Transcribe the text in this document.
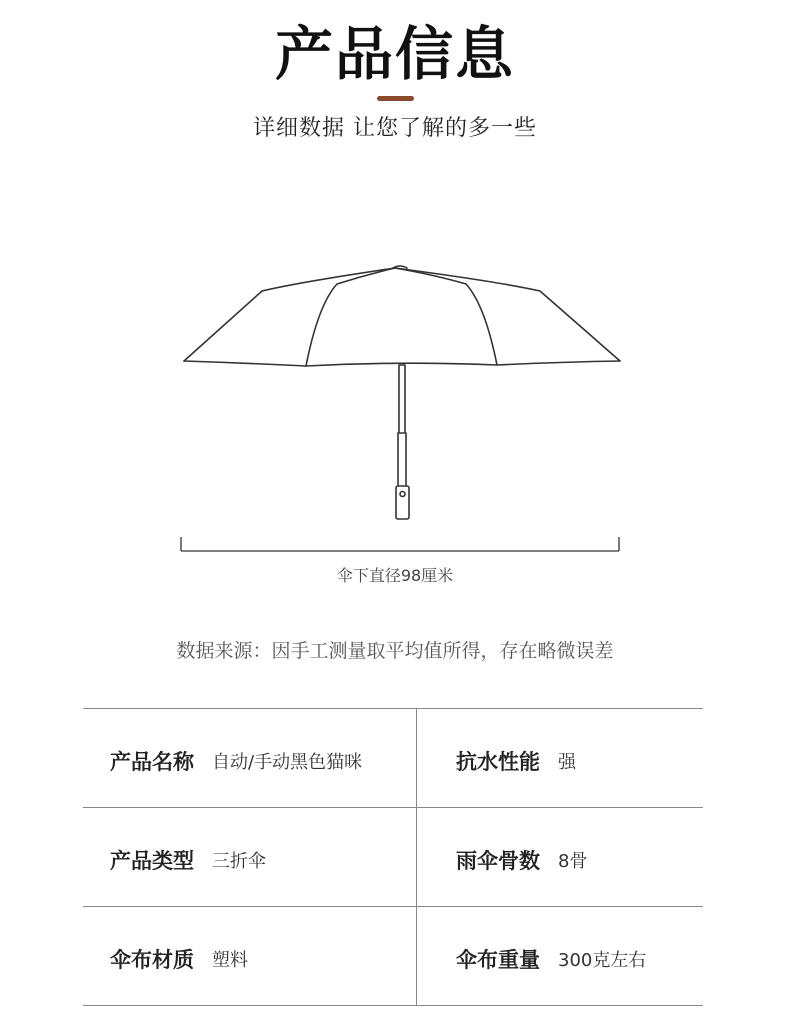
产品信息
详细数据 让您了解的多一些
伞下直径98厘米
数据来源：因手工测量取平均值所得，存在略微误差
产品名称 自动/手动黑色猫咪	抗水性能 强
产品类型 三折伞	雨伞骨数 8骨
伞布材质 塑料	伞布重量 300克左右
